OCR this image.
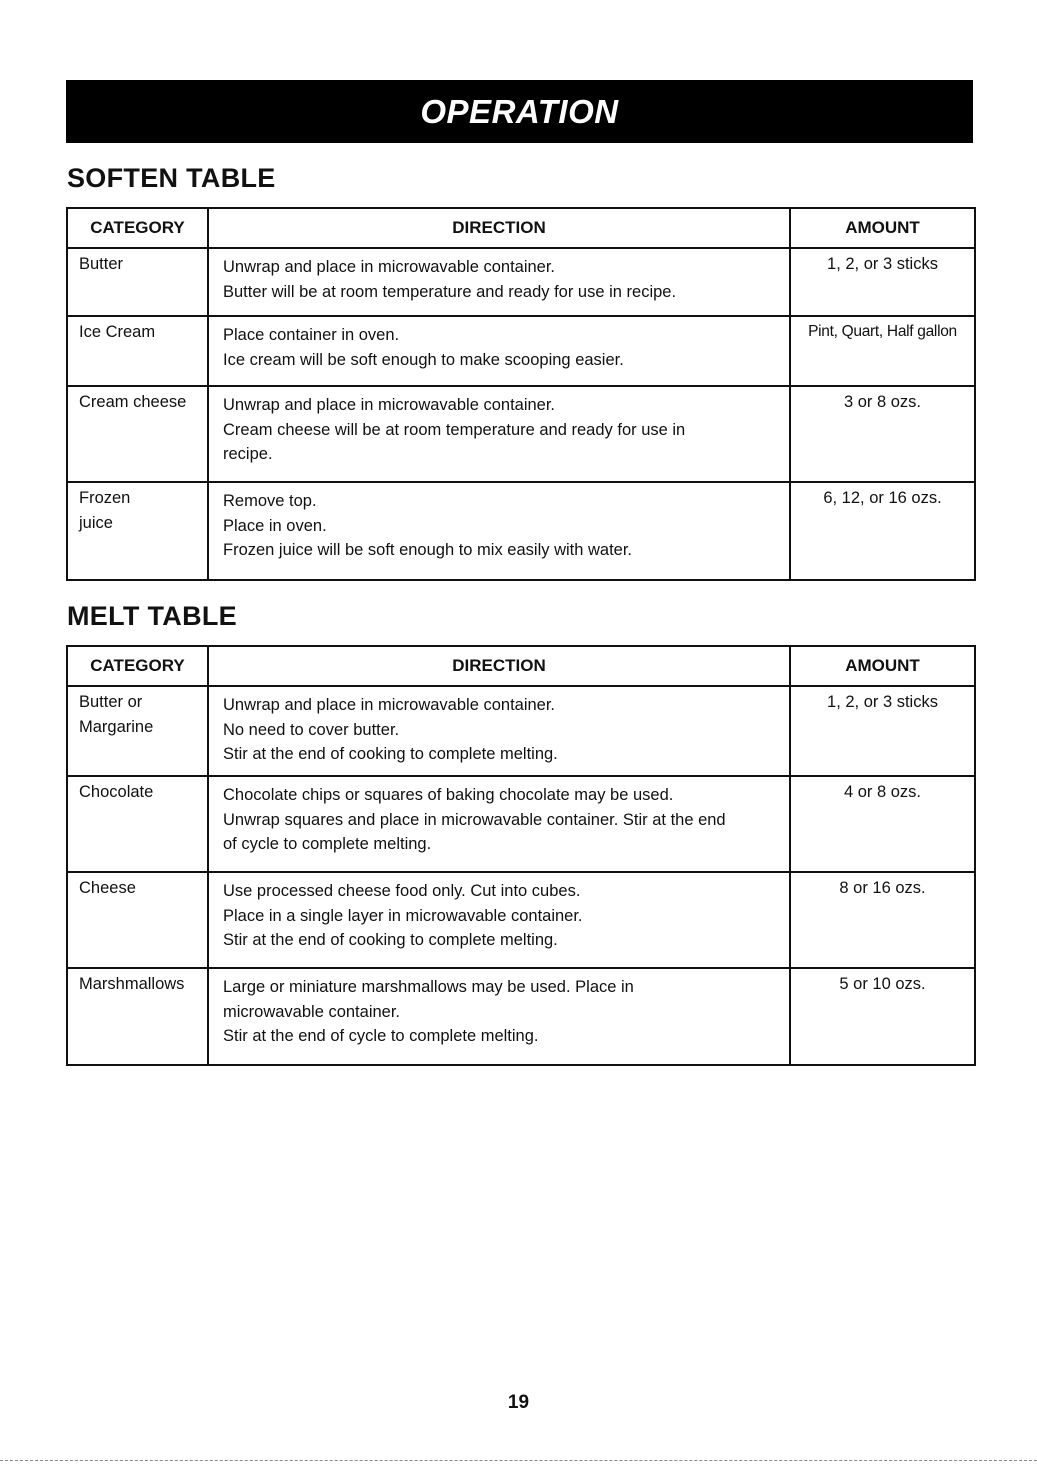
OPERATION
SOFTEN TABLE
CATEGORY	DIRECTION	AMOUNT

Butter	Unwrap and place in microwavable container.
Butter will be at room temperature and ready for use in recipe.	1, 2, or 3 sticks

Ice Cream	Place container in oven.
Ice cream will be soft enough to make scooping easier.	Pint, Quart, Half gallon

Cream cheese	Unwrap and place in microwavable container.
Cream cheese will be at room temperature and ready for use in
recipe.	3 or 8 ozs.

Frozen
juice	Remove top.
Place in oven.
Frozen juice will be soft enough to mix easily with water.	6, 12, or 16 ozs.
MELT TABLE
CATEGORY	DIRECTION	AMOUNT

Butter or
Margarine	Unwrap and place in microwavable container.
No need to cover butter.
Stir at the end of cooking to complete melting.	1, 2, or 3 sticks

Chocolate	Chocolate chips or squares of baking chocolate may be used.
Unwrap squares and place in microwavable container. Stir at the end
of cycle to complete melting.	4 or 8 ozs.

Cheese	Use processed cheese food only. Cut into cubes.
Place in a single layer in microwavable container.
Stir at the end of cooking to complete melting.	8 or 16 ozs.

Marshmallows	Large or miniature marshmallows may be used. Place in
microwavable container.
Stir at the end of cycle to complete melting.	5 or 10 ozs.
19
